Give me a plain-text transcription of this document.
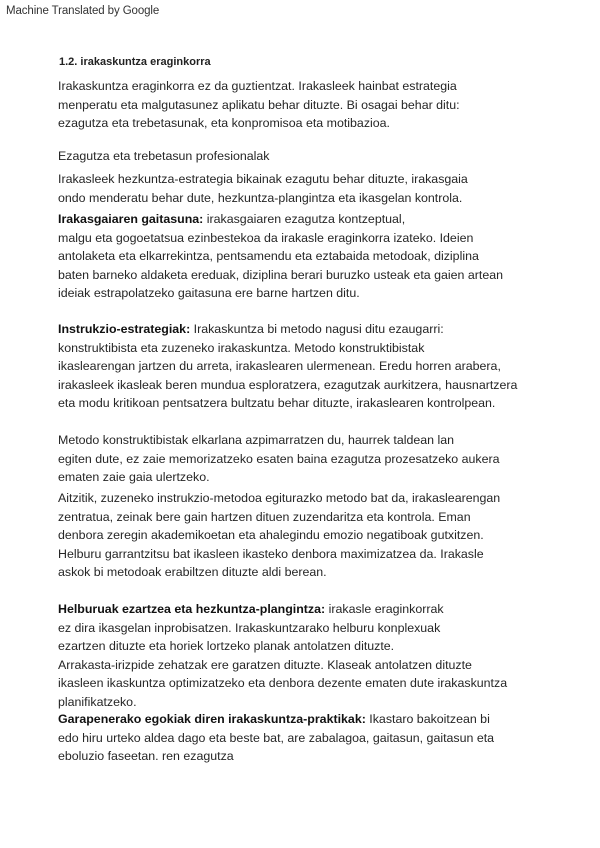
Machine Translated by Google
1.2. irakaskuntza eraginkorra
Irakaskuntza eraginkorra ez da guztientzat. Irakasleek hainbat estrategia
menperatu eta malgutasunez aplikatu behar dituzte. Bi osagai behar ditu:
ezagutza eta trebetasunak, eta konpromisoa eta motibazioa.
Ezagutza eta trebetasun profesionalak
Irakasleek hezkuntza-estrategia bikainak ezagutu behar dituzte, irakasgaia
ondo menderatu behar dute, hezkuntza-plangintza eta ikasgelan kontrola.
Irakasgaiaren gaitasuna: irakasgaiaren ezagutza kontzeptual,
malgu eta gogoetatsua ezinbestekoa da irakasle eraginkorra izateko. Ideien
antolaketa eta elkarrekintza, pentsamendu eta eztabaida metodoak, diziplina
baten barneko aldaketa ereduak, diziplina berari buruzko usteak eta gaien artean
ideiak estrapolatzeko gaitasuna ere barne hartzen ditu.
Instrukzio-estrategiak: Irakaskuntza bi metodo nagusi ditu ezaugarri:
konstruktibista eta zuzeneko irakaskuntza. Metodo konstruktibistak
ikaslearengan jartzen du arreta, irakaslearen ulermenean. Eredu horren arabera,
irakasleek ikasleak beren mundua esploratzera, ezagutzak aurkitzera, hausnartzera
eta modu kritikoan pentsatzera bultzatu behar dituzte, irakaslearen kontrolpean.
Metodo konstruktibistak elkarlana azpimarratzen du, haurrek taldean lan
egiten dute, ez zaie memorizatzeko esaten baina ezagutza prozesatzeko aukera
ematen zaie gaia ulertzeko.
Aitzitik, zuzeneko instrukzio-metodoa egiturazko metodo bat da, irakaslearengan
zentratua, zeinak bere gain hartzen dituen zuzendaritza eta kontrola. Eman
denbora zeregin akademikoetan eta ahalegindu emozio negatiboak gutxitzen.
Helburu garrantzitsu bat ikasleen ikasteko denbora maximizatzea da. Irakasle
askok bi metodoak erabiltzen dituzte aldi berean.
Helburuak ezartzea eta hezkuntza-plangintza: irakasle eraginkorrak
ez dira ikasgelan inprobisatzen. Irakaskuntzarako helburu konplexuak
ezartzen dituzte eta horiek lortzeko planak antolatzen dituzte.
Arrakasta-irizpide zehatzak ere garatzen dituzte. Klaseak antolatzen dituzte
ikasleen ikaskuntza optimizatzeko eta denbora dezente ematen dute irakaskuntza
planifikatzeko.
Garapenerako egokiak diren irakaskuntza-praktikak: Ikastaro bakoitzean bi
edo hiru urteko aldea dago eta beste bat, are zabalagoa, gaitasun, gaitasun eta
eboluzio faseetan. ren ezagutza
